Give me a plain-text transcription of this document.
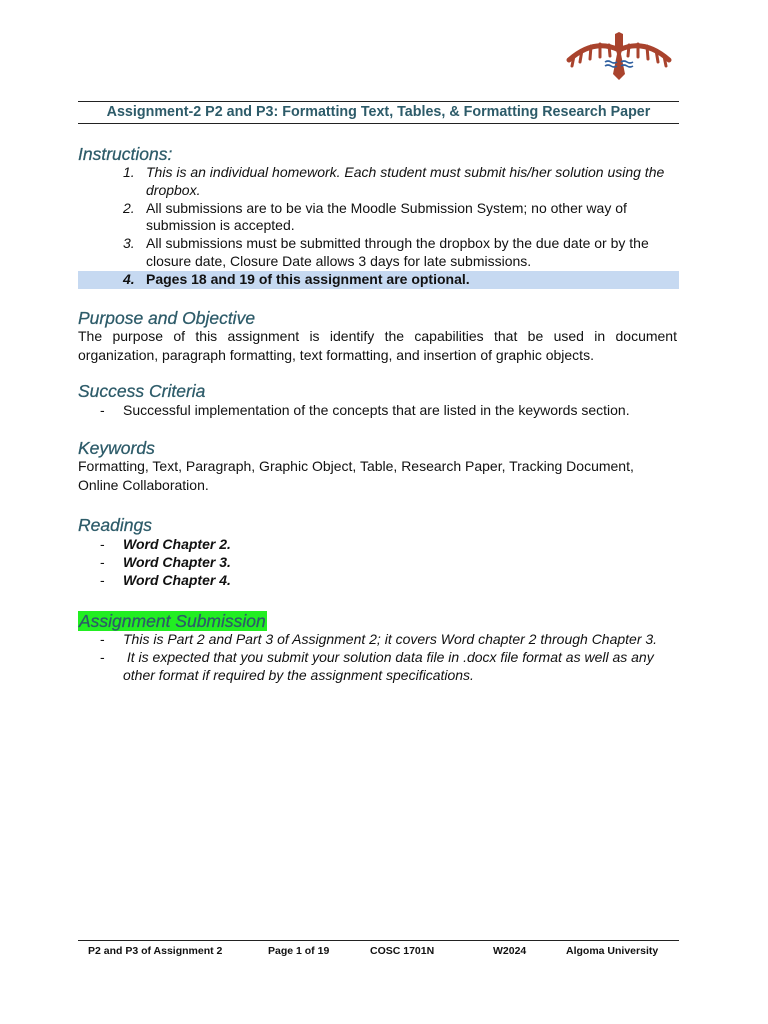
Assignment-2 P2 and P3: Formatting Text, Tables, & Formatting Research Paper
Instructions:
1. This is an individual homework. Each student must submit his/her solution using the dropbox.
2. All submissions are to be via the Moodle Submission System; no other way of submission is accepted.
3. All submissions must be submitted through the dropbox by the due date or by the closure date, Closure Date allows 3 days for late submissions.
4. Pages 18 and 19 of this assignment are optional.
Purpose and Objective

The purpose of this assignment is identify the capabilities that be used in document organization, paragraph formatting, text formatting, and insertion of graphic objects.

Success Criteria
- Successful implementation of the concepts that are listed in the keywords section.
Keywords

Formatting, Text, Paragraph, Graphic Object, Table, Research Paper, Tracking Document, Online Collaboration.

Readings
- Word Chapter 2.
- Word Chapter 3.
- Word Chapter 4.
Assignment Submission
- This is Part 2 and Part 3 of Assignment 2; it covers Word chapter 2 through Chapter 3.
- It is expected that you submit your solution data file in .docx file format as well as any other format if required by the assignment specifications.
P2 and P3 of Assignment 2	Page 1 of 19	COSC 1701N	W2024	Algoma University
